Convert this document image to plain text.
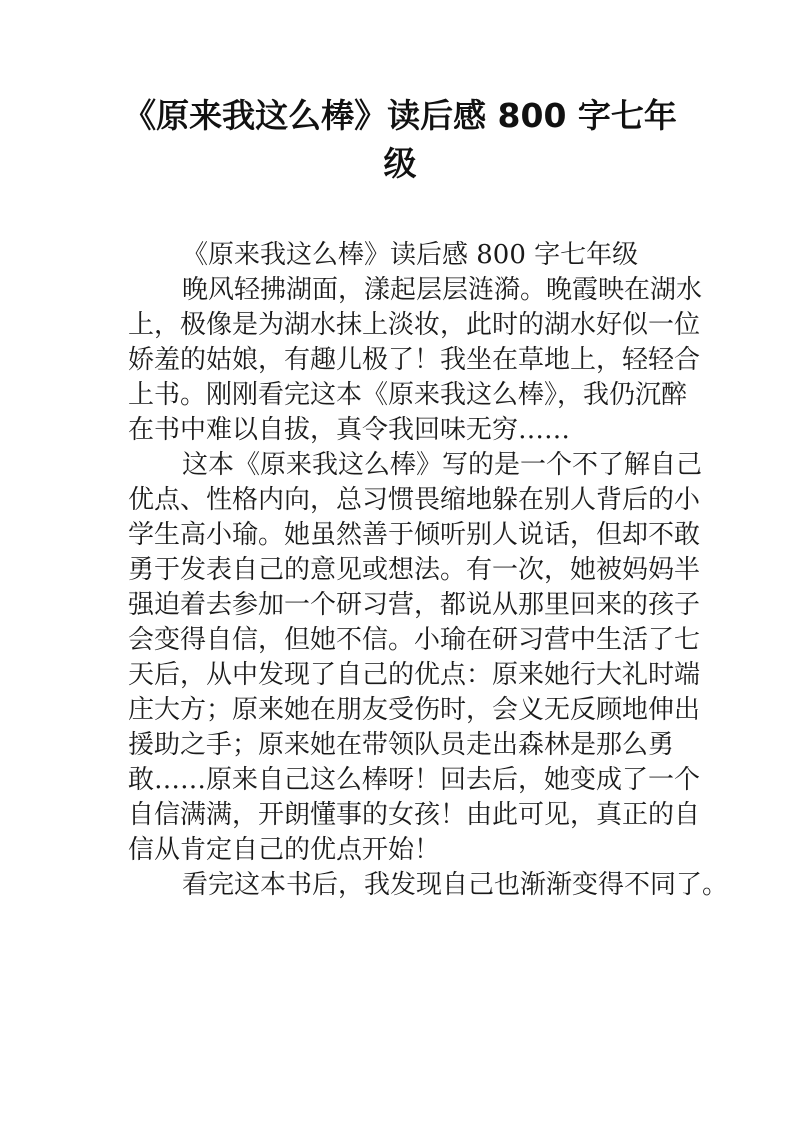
《原来我这么棒》读后感 800 字七年
级
《原来我这么棒》读后感 800 字七年级
晚风轻拂湖面，漾起层层涟漪。晚霞映在湖水
上，极像是为湖水抹上淡妆，此时的湖水好似一位
娇羞的姑娘，有趣儿极了！我坐在草地上，轻轻合
上书。刚刚看完这本《原来我这么棒》，我仍沉醉
在书中难以自拔，真令我回味无穷……
这本《原来我这么棒》写的是一个不了解自己
优点、性格内向，总习惯畏缩地躲在别人背后的小
学生高小瑜。她虽然善于倾听别人说话，但却不敢
勇于发表自己的意见或想法。有一次，她被妈妈半
强迫着去参加一个研习营，都说从那里回来的孩子
会变得自信，但她不信。小瑜在研习营中生活了七
天后，从中发现了自己的优点：原来她行大礼时端
庄大方；原来她在朋友受伤时，会义无反顾地伸出
援助之手；原来她在带领队员走出森林是那么勇
敢……原来自己这么棒呀！回去后，她变成了一个
自信满满，开朗懂事的女孩！由此可见，真正的自
信从肯定自己的优点开始！
看完这本书后，我发现自己也渐渐变得不同了。
